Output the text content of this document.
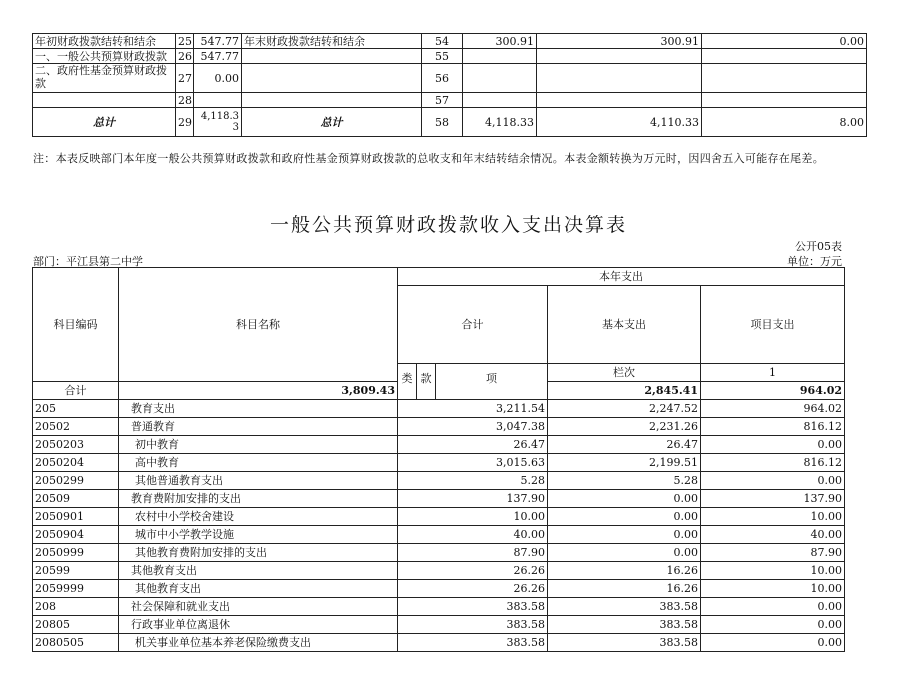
年初财政拨款结转和结余	25	547.77	年末财政拨款结转和结余	54	300.91	300.91	0.00
一、一般公共预算财政拨款	26	547.77		55			
二、政府性基金预算财政拨款	27	0.00		56			
	28			57			
总计	29	4,118.33	总计	58	4,118.33	4,110.33	8.00
注：本表反映部门本年度一般公共预算财政拨款和政府性基金预算财政拨款的总收支和年末结转结余情况。本表金额转换为万元时，因四舍五入可能存在尾差。
一般公共预算财政拨款收入支出决算表
公开05表
部门：平江县第二中学	单位：万元
科目编码	科目名称	本年支出			
		合计	基本支出	项目支出	

		类 款 项	栏次	1		
合计	3,809.43		2,845.41	964.02	
205	教育支出	3,211.54	2,247.52	964.02	
20502	普通教育	3,047.38	2,231.26	816.12	
2050203	初中教育	26.47	26.47	0.00	
2050204	高中教育	3,015.63	2,199.51	816.12	
2050299	其他普通教育支出	5.28	5.28	0.00	
20509	教育费附加安排的支出	137.90	0.00	137.90	
2050901	农村中小学校舍建设	10.00	0.00	10.00	
2050904	城市中小学教学设施	40.00	0.00	40.00	
2050999	其他教育费附加安排的支出	87.90	0.00	87.90	
20599	其他教育支出	26.26	16.26	10.00	
2059999	其他教育支出	26.26	16.26	10.00	
208	社会保障和就业支出	383.58	383.58	0.00	
20805	行政事业单位离退休	383.58	383.58	0.00	
2080505	机关事业单位基本养老保险缴费支出	383.58	383.58	0.00	
